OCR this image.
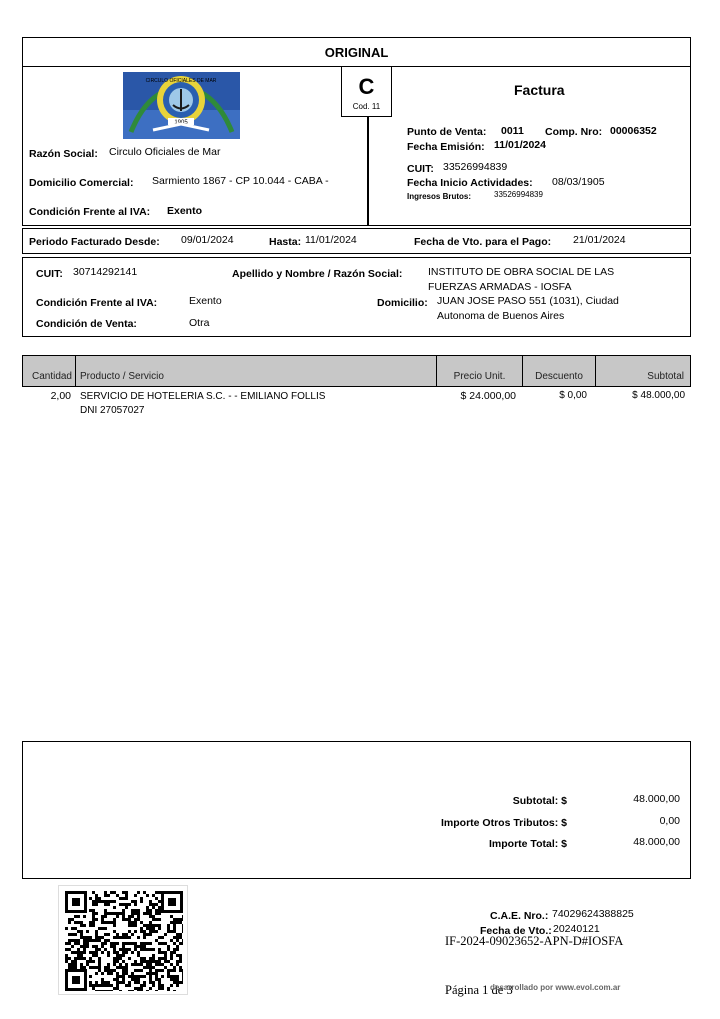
ORIGINAL
C
Cod. 11
1905
CIRCULO OFICIALES DE MAR
Factura
Razón Social: Circulo Oficiales de Mar
Domicilio Comercial: Sarmiento 1867 - CP 10.044 - CABA -
Condición Frente al IVA: Exento
Punto de Venta: 0011 Comp. Nro: 00006352
Fecha Emisión: 11/01/2024
CUIT: 33526994839
Fecha Inicio Actividades: 08/03/1905
Ingresos Brutos:	33526994839
Periodo Facturado Desde: 09/01/2024	Hasta: 11/01/2024	Fecha de Vto. para el Pago: 21/01/2024
CUIT: 30714292141	Apellido y Nombre / Razón Social: INSTITUTO DE OBRA SOCIAL DE LAS
FUERZAS ARMADAS - IOSFA
Condición Frente al IVA:	Exento	Domicilio: JUAN JOSE PASO 551 (1031), Ciudad
Autonoma de Buenos Aires
Condición de Venta:	Otra
Cantidad Producto / Servicio	Precio Unit.	Descuento	Subtotal
2,00 SERVICIO DE HOTELERIA S.C. - - EMILIANO FOLLIS
DNI 27057027
$ 24.000,00	$ 0,00	$ 48.000,00
Subtotal: $	48.000,00
Importe Otros Tributos: $	0,00
Importe Total: $	48.000,00
C.A.E. Nro.: 74029624388825
Fecha de Vto.: 20240121
IF-2024-09023652-APN-D#IOSFA
Página 1 de 3
desarrollado por www.evol.com.ar
